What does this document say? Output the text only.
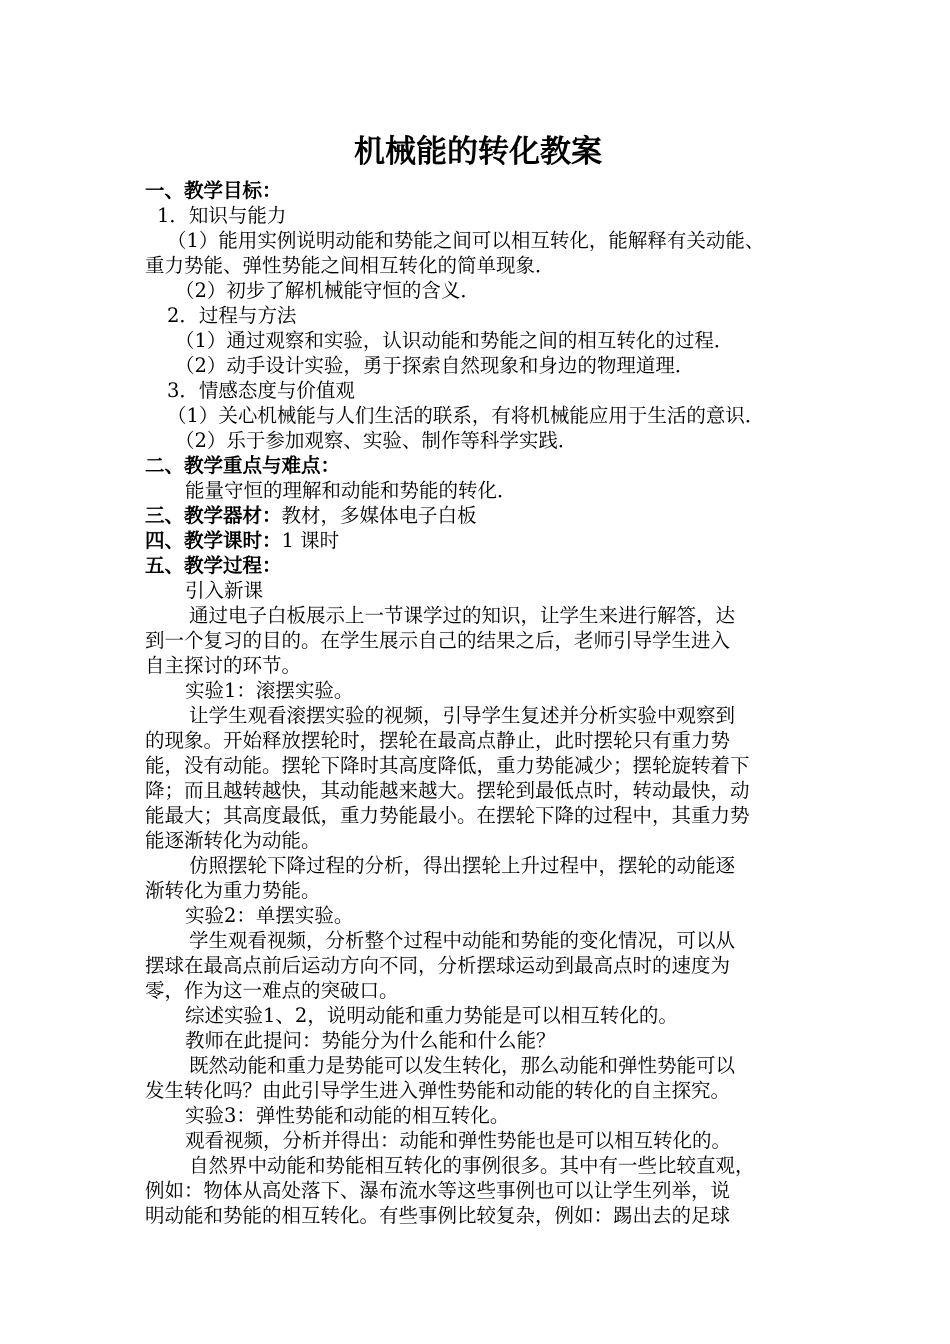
机械能的转化教案
一、教学目标：
1．知识与能力
（1）能用实例说明动能和势能之间可以相互转化，能解释有关动能、
重力势能、弹性势能之间相互转化的简单现象．
（2）初步了解机械能守恒的含义．
2．过程与方法
（1）通过观察和实验，认识动能和势能之间的相互转化的过程．
（2）动手设计实验，勇于探索自然现象和身边的物理道理．
3．情感态度与价值观
（1）关心机械能与人们生活的联系，有将机械能应用于生活的意识．
（2）乐于参加观察、实验、制作等科学实践．
二、教学重点与难点：
能量守恒的理解和动能和势能的转化．
三、教学器材：教材，多媒体电子白板
四、教学课时：1 课时
五、教学过程：
引入新课
通过电子白板展示上一节课学过的知识，让学生来进行解答，达
到一个复习的目的。在学生展示自己的结果之后，老师引导学生进入
自主探讨的环节。
实验1：滚摆实验。
让学生观看滚摆实验的视频，引导学生复述并分析实验中观察到
的现象。开始释放摆轮时，摆轮在最高点静止，此时摆轮只有重力势
能，没有动能。摆轮下降时其高度降低，重力势能减少；摆轮旋转着下
降；而且越转越快，其动能越来越大。摆轮到最低点时，转动最快，动
能最大；其高度最低，重力势能最小。在摆轮下降的过程中，其重力势
能逐渐转化为动能。
仿照摆轮下降过程的分析，得出摆轮上升过程中，摆轮的动能逐
渐转化为重力势能。
实验2：单摆实验。
学生观看视频，分析整个过程中动能和势能的变化情况，可以从
摆球在最高点前后运动方向不同，分析摆球运动到最高点时的速度为
零，作为这一难点的突破口。
综述实验1、2，说明动能和重力势能是可以相互转化的。
教师在此提问：势能分为什么能和什么能？
既然动能和重力是势能可以发生转化，那么动能和弹性势能可以
发生转化吗？由此引导学生进入弹性势能和动能的转化的自主探究。
实验3：弹性势能和动能的相互转化。
观看视频，分析并得出：动能和弹性势能也是可以相互转化的。
自然界中动能和势能相互转化的事例很多。其中有一些比较直观，
例如：物体从高处落下、瀑布流水等这些事例也可以让学生列举，说
明动能和势能的相互转化。有些事例比较复杂，例如：踢出去的足球
